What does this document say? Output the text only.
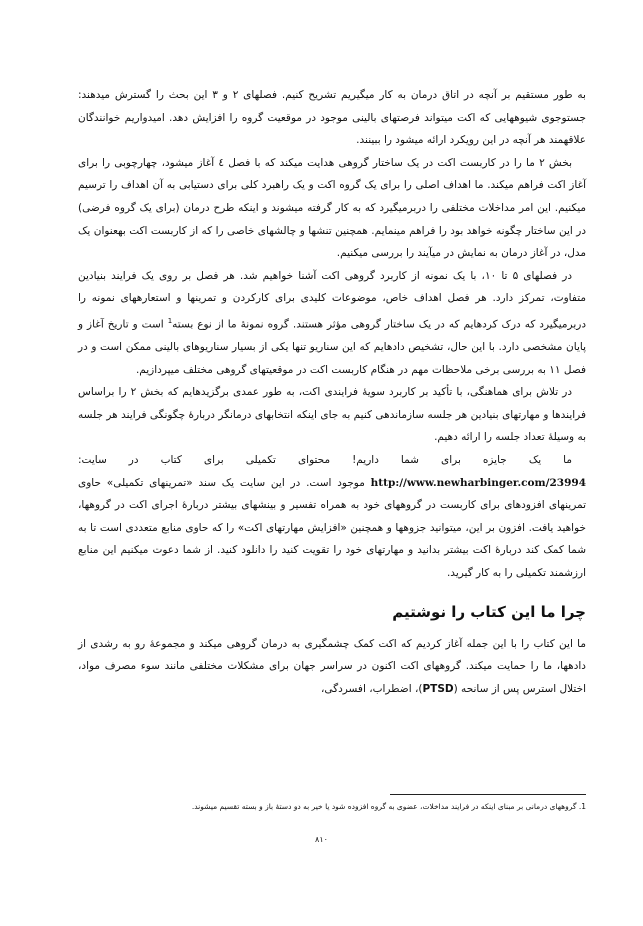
به طور مستقیم بر آنچه در اتاق درمان به کار میگیریم تشریح کنیم. فصلهای ۲ و ۳ این بحث را گسترش میدهند: جستوجوی شیوههایی که اکت میتواند فرصتهای بالینی موجود در موقعیت گروه را افزایش دهد. امیدواریم خوانندگان علاقهمند هر آنچه در این رویکرد ارائه میشود را ببینند.

بخش ۲ ما را در کاربست اکت در یک ساختار گروهی هدایت میکند که با فصل ٤ آغاز میشود، چهارچوبی را برای آغاز اکت فراهم میکند. ما اهداف اصلی را برای یک گروه اکت و یک راهبرد کلی برای دستیابی به آن اهداف را ترسیم میکنیم. این امر مداخلات مختلفی را دربرمیگیرد که به کار گرفته میشوند و اینکه طرح درمان (برای یک گروه فرضی) در این ساختار چگونه خواهد بود را فراهم مینمایم. همچنین تنشها و چالشهای خاصی را که از کاربست اکت بهعنوان یک مدل، در آغاز درمان به نمایش در میآیند را بررسی میکنیم.

در فصلهای ۵ تا ۱۰، با یک نمونه از کاربرد گروهی اکت آشنا خواهیم شد. هر فصل بر روی یک فرایند بنیادین متفاوت، تمرکز دارد. هر فصل اهداف خاص، موضوعات کلیدی برای کارکردن و تمرینها و استعارههای نمونه را دربرمیگیرد که درک کردهایم که در یک ساختار گروهی مؤثر هستند. گروه نمونهٔ ما از نوع بسته$^1$ است و تاریخ آغاز و پایان مشخصی دارد. با این حال، تشخیص دادهایم که این سناریو تنها یکی از بسیار سناریوهای بالینی ممکن است و در فصل ۱۱ به بررسی برخی ملاحظات مهم در هنگام کاربست اکت در موقعیتهای گروهی مختلف میپردازیم.

در تلاش برای هماهنگی، با تأکید بر کاربرد سویهٔ فرایندی اکت، به طور عمدی برگزیدهایم که بخش ۲ را براساس فرایندها و مهارتهای بنیادین هر جلسه سازماندهی کنیم به جای اینکه انتخابهای درمانگر دربارهٔ چگونگی فرایند هر جلسه به وسیلهٔ تعداد جلسه را ارائه دهیم.

ما یک جایزه برای شما داریم! محتوای تکمیلی برای کتاب در سایت: http://www.newharbinger.com/23994 موجود است. در این سایت یک سند «تمرینهای تکمیلی» حاوی تمرینهای افزودهای برای کاربست در گروههای خود به همراه تفسیر و بینشهای بیشتر دربارهٔ اجرای اکت در گروهها، خواهید یافت. افزون بر این، میتوانید جزوهها و همچنین «افزایش مهارتهای اکت» را که حاوی منابع متعددی است تا به شما کمک کند دربارهٔ اکت بیشتر بدانید و مهارتهای خود را تقویت کنید را دانلود کنید. از شما دعوت میکنیم این منابع ارزشمند تکمیلی را به کار گیرید.

چرا ما این کتاب را نوشتیم

ما این کتاب را با این جمله آغاز کردیم که اکت کمک چشمگیری به درمان گروهی میکند و مجموعهٔ رو به رشدی از دادهها، ما را حمایت میکند. گروههای اکت اکنون در سراسر جهان برای مشکلات مختلفی مانند سوء مصرف مواد، اختلال استرس پس از سانحه (PTSD)، اضطراب، افسردگی،

1. گروههای درمانی بر مبنای اینکه در فرایند مداخلات، عضوی به گروه افزوده شود یا خیر به دو دستهٔ باز و بسته تقسیم میشوند.
۸۱۰
